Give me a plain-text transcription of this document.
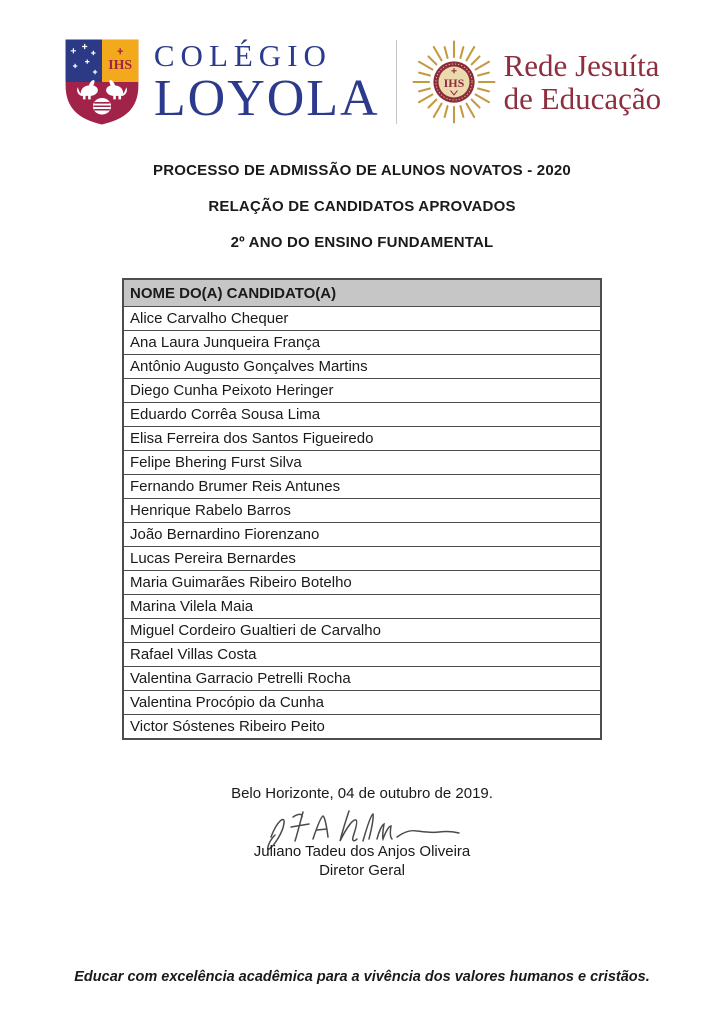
IHS COLÉGIO
LOYOLA	IHS
Rede Jesuíta
de Educação

PROCESSO DE ADMISSÃO DE ALUNOS NOVATOS - 2020

RELAÇÃO DE CANDIDATOS APROVADOS

2º ANO DO ENSINO FUNDAMENTAL

NOME DO(A) CANDIDATO(A)
Alice Carvalho Chequer
Ana Laura Junqueira França
Antônio Augusto Gonçalves Martins
Diego Cunha Peixoto Heringer
Eduardo Corrêa Sousa Lima
Elisa Ferreira dos Santos Figueiredo
Felipe Bhering Furst Silva
Fernando Brumer Reis Antunes
Henrique Rabelo Barros
João Bernardino Fiorenzano
Lucas Pereira Bernardes
Maria Guimarães Ribeiro Botelho
Marina Vilela Maia
Miguel Cordeiro Gualtieri de Carvalho
Rafael Villas Costa
Valentina Garracio Petrelli Rocha
Valentina Procópio da Cunha
Victor Sóstenes Ribeiro Peito

Belo Horizonte, 04 de outubro de 2019.

Juliano Tadeu dos Anjos Oliveira

Diretor Geral

Educar com excelência acadêmica para a vivência dos valores humanos e cristãos.
